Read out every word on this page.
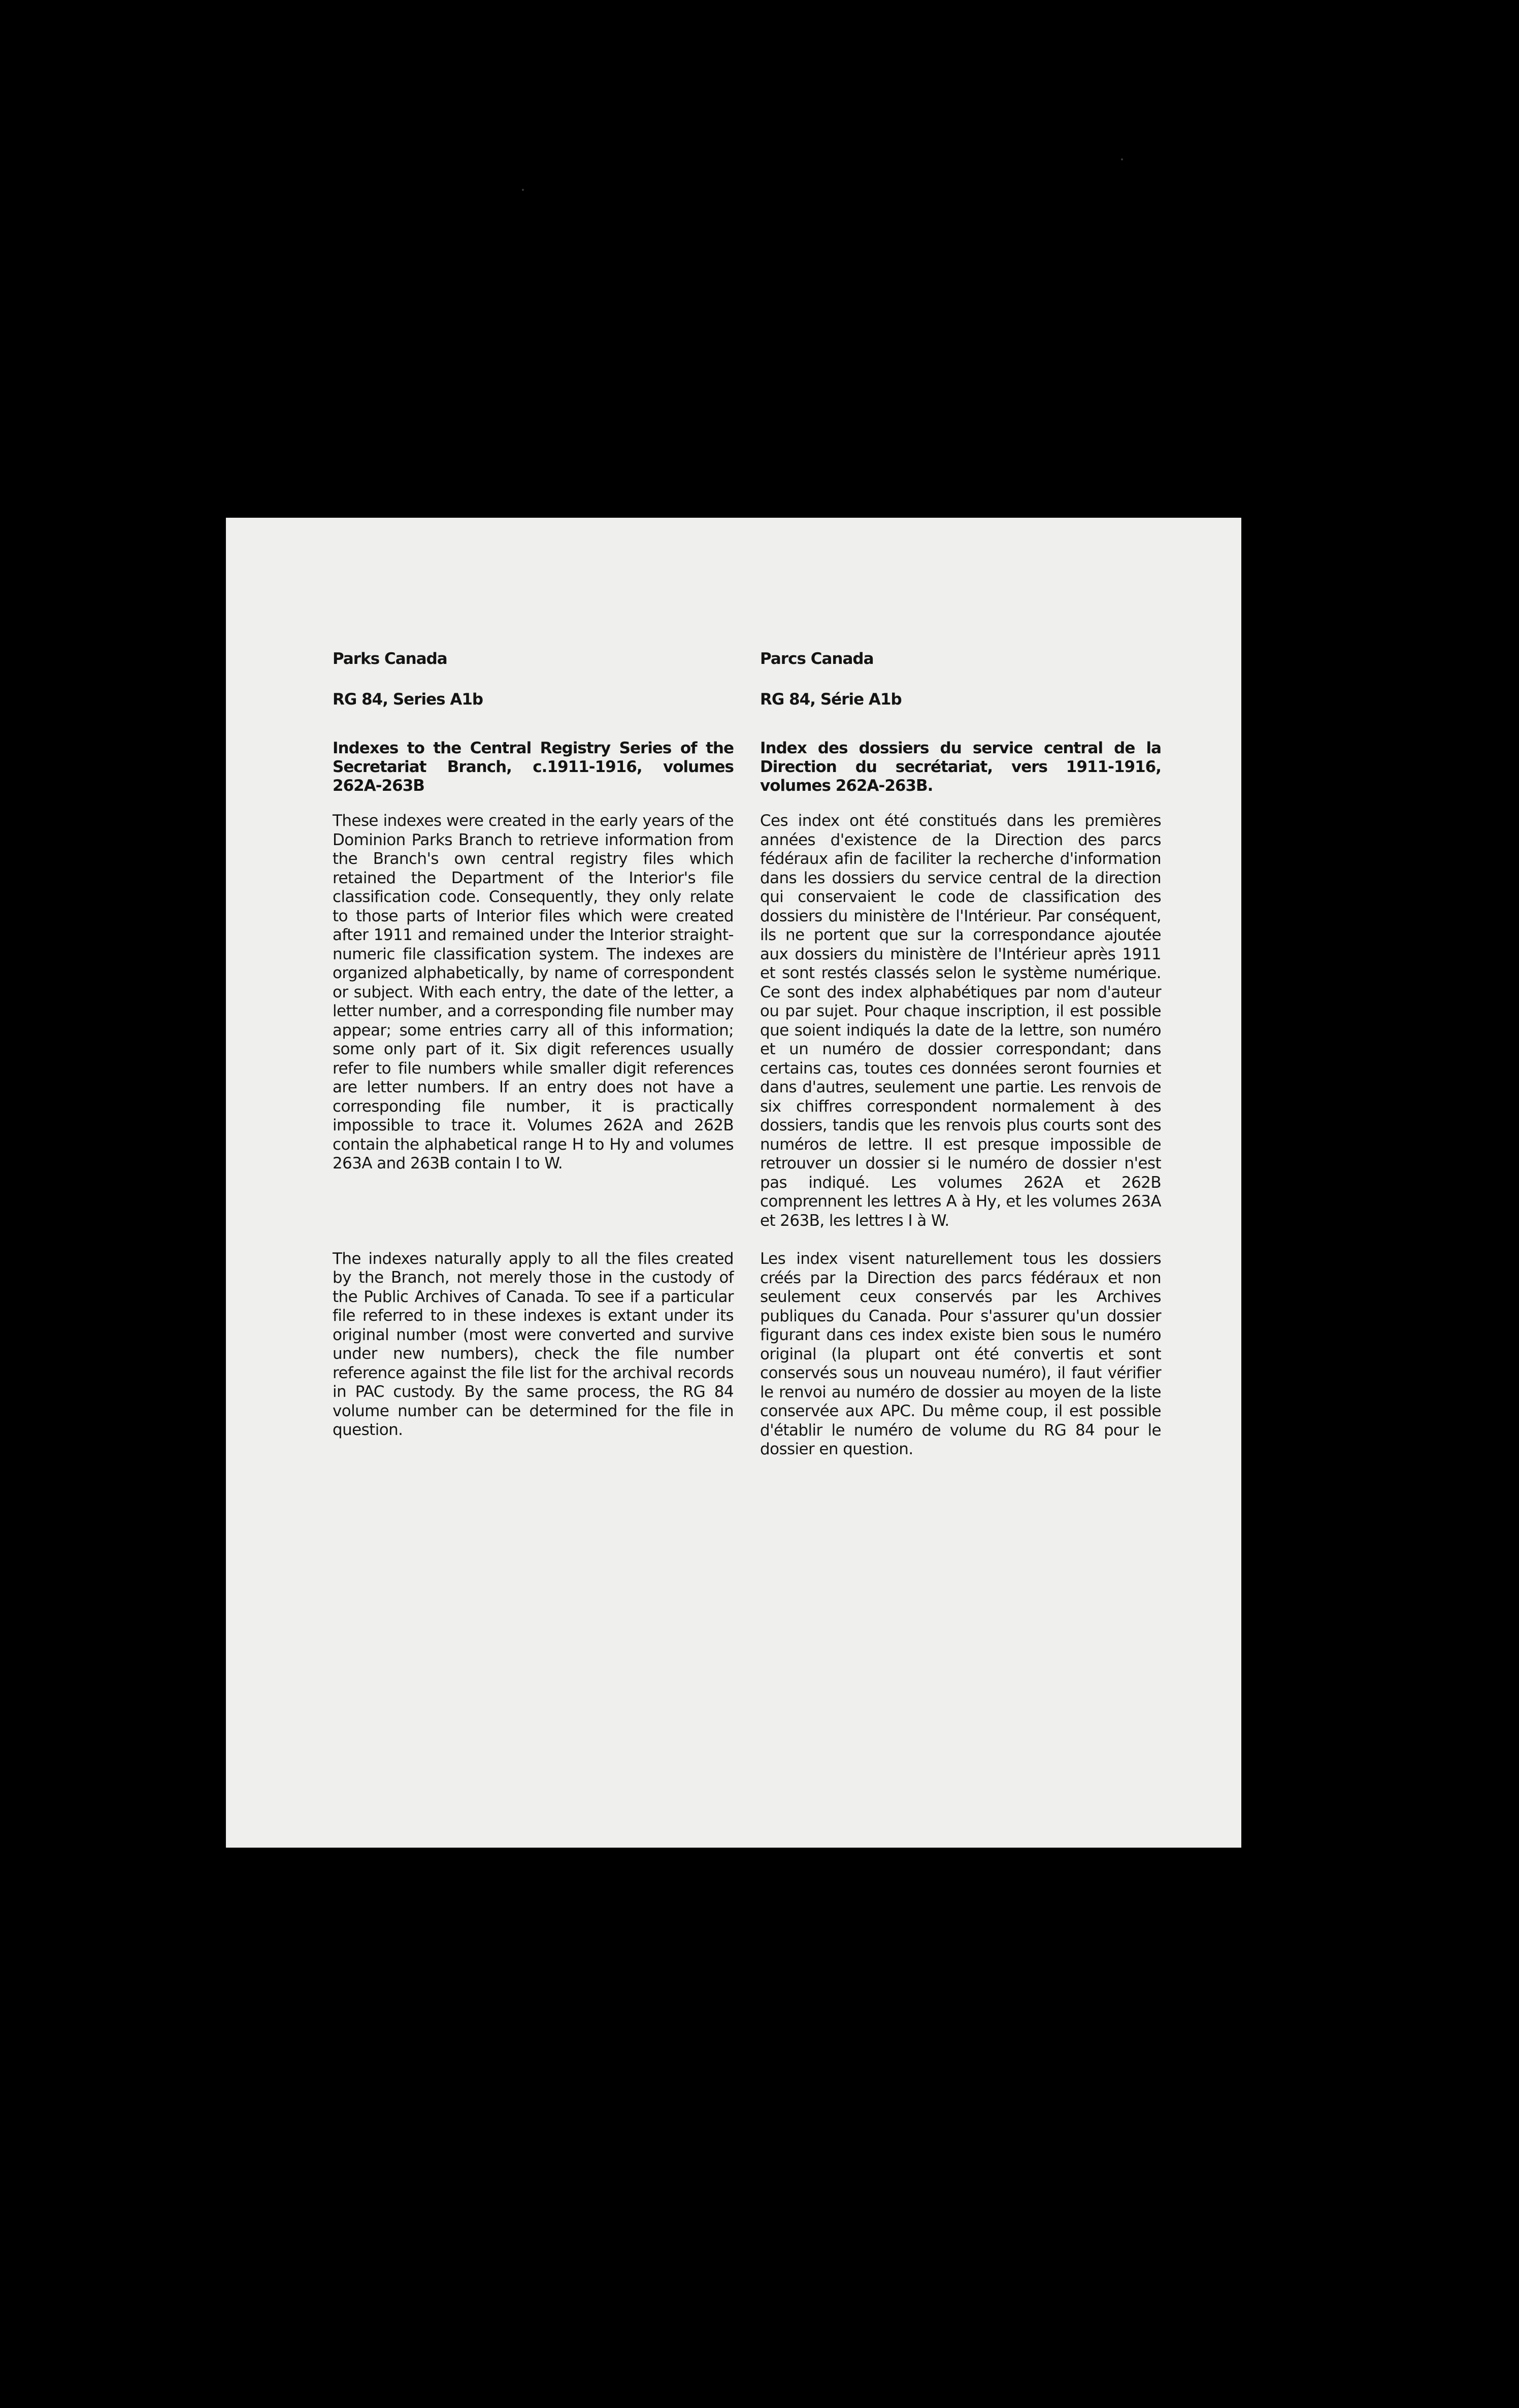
Parks Canada

RG 84, Series A1b

Indexes to the Central Registry Series of the Secretariat Branch, c.1911-1916, volumes 262A-263B

These indexes were created in the early years of the Dominion Parks Branch to retrieve information from the Branch's own central registry files which retained the Department of the Interior's file classification code. Consequently, they only relate to those parts of Interior files which were created after 1911 and remained under the Interior straight-numeric file classification system. The indexes are organized alphabetically, by name of correspondent or subject. With each entry, the date of the letter, a letter number, and a corresponding file number may appear; some entries carry all of this information; some only part of it. Six digit references usually refer to file numbers while smaller digit references are letter numbers. If an entry does not have a corresponding file number, it is practically impossible to trace it. Volumes 262A and 262B contain the alphabetical range H to Hy and volumes 263A and 263B contain I to W.

The indexes naturally apply to all the files created by the Branch, not merely those in the custody of the Public Archives of Canada. To see if a particular file referred to in these indexes is extant under its original number (most were converted and survive under new numbers), check the file number reference against the file list for the archival records in PAC custody. By the same process, the RG 84 volume number can be determined for the file in question.

Parcs Canada

RG 84, Série A1b

Index des dossiers du service central de la Direction du secrétariat, vers 1911-1916, volumes 262A-263B.

Ces index ont été constitués dans les premières années d'existence de la Direction des parcs fédéraux afin de faciliter la recherche d'information dans les dossiers du service central de la direction qui conservaient le code de classification des dossiers du ministère de l'Intérieur. Par conséquent, ils ne portent que sur la correspondance ajoutée aux dossiers du ministère de l'Intérieur après 1911 et sont restés classés selon le système numérique. Ce sont des index alphabétiques par nom d'auteur ou par sujet. Pour chaque inscription, il est possible que soient indiqués la date de la lettre, son numéro et un numéro de dossier correspondant; dans certains cas, toutes ces données seront fournies et dans d'autres, seulement une partie. Les renvois de six chiffres correspondent normalement à des dossiers, tandis que les renvois plus courts sont des numéros de lettre. Il est presque impossible de retrouver un dossier si le numéro de dossier n'est pas indiqué. Les volumes 262A et 262B comprennent les lettres A à Hy, et les volumes 263A et 263B, les lettres I à W.

Les index visent naturellement tous les dossiers créés par la Direction des parcs fédéraux et non seulement ceux conservés par les Archives publiques du Canada. Pour s'assurer qu'un dossier figurant dans ces index existe bien sous le numéro original (la plupart ont été convertis et sont conservés sous un nouveau numéro), il faut vérifier le renvoi au numéro de dossier au moyen de la liste conservée aux APC. Du même coup, il est possible d'établir le numéro de volume du RG 84 pour le dossier en question.
